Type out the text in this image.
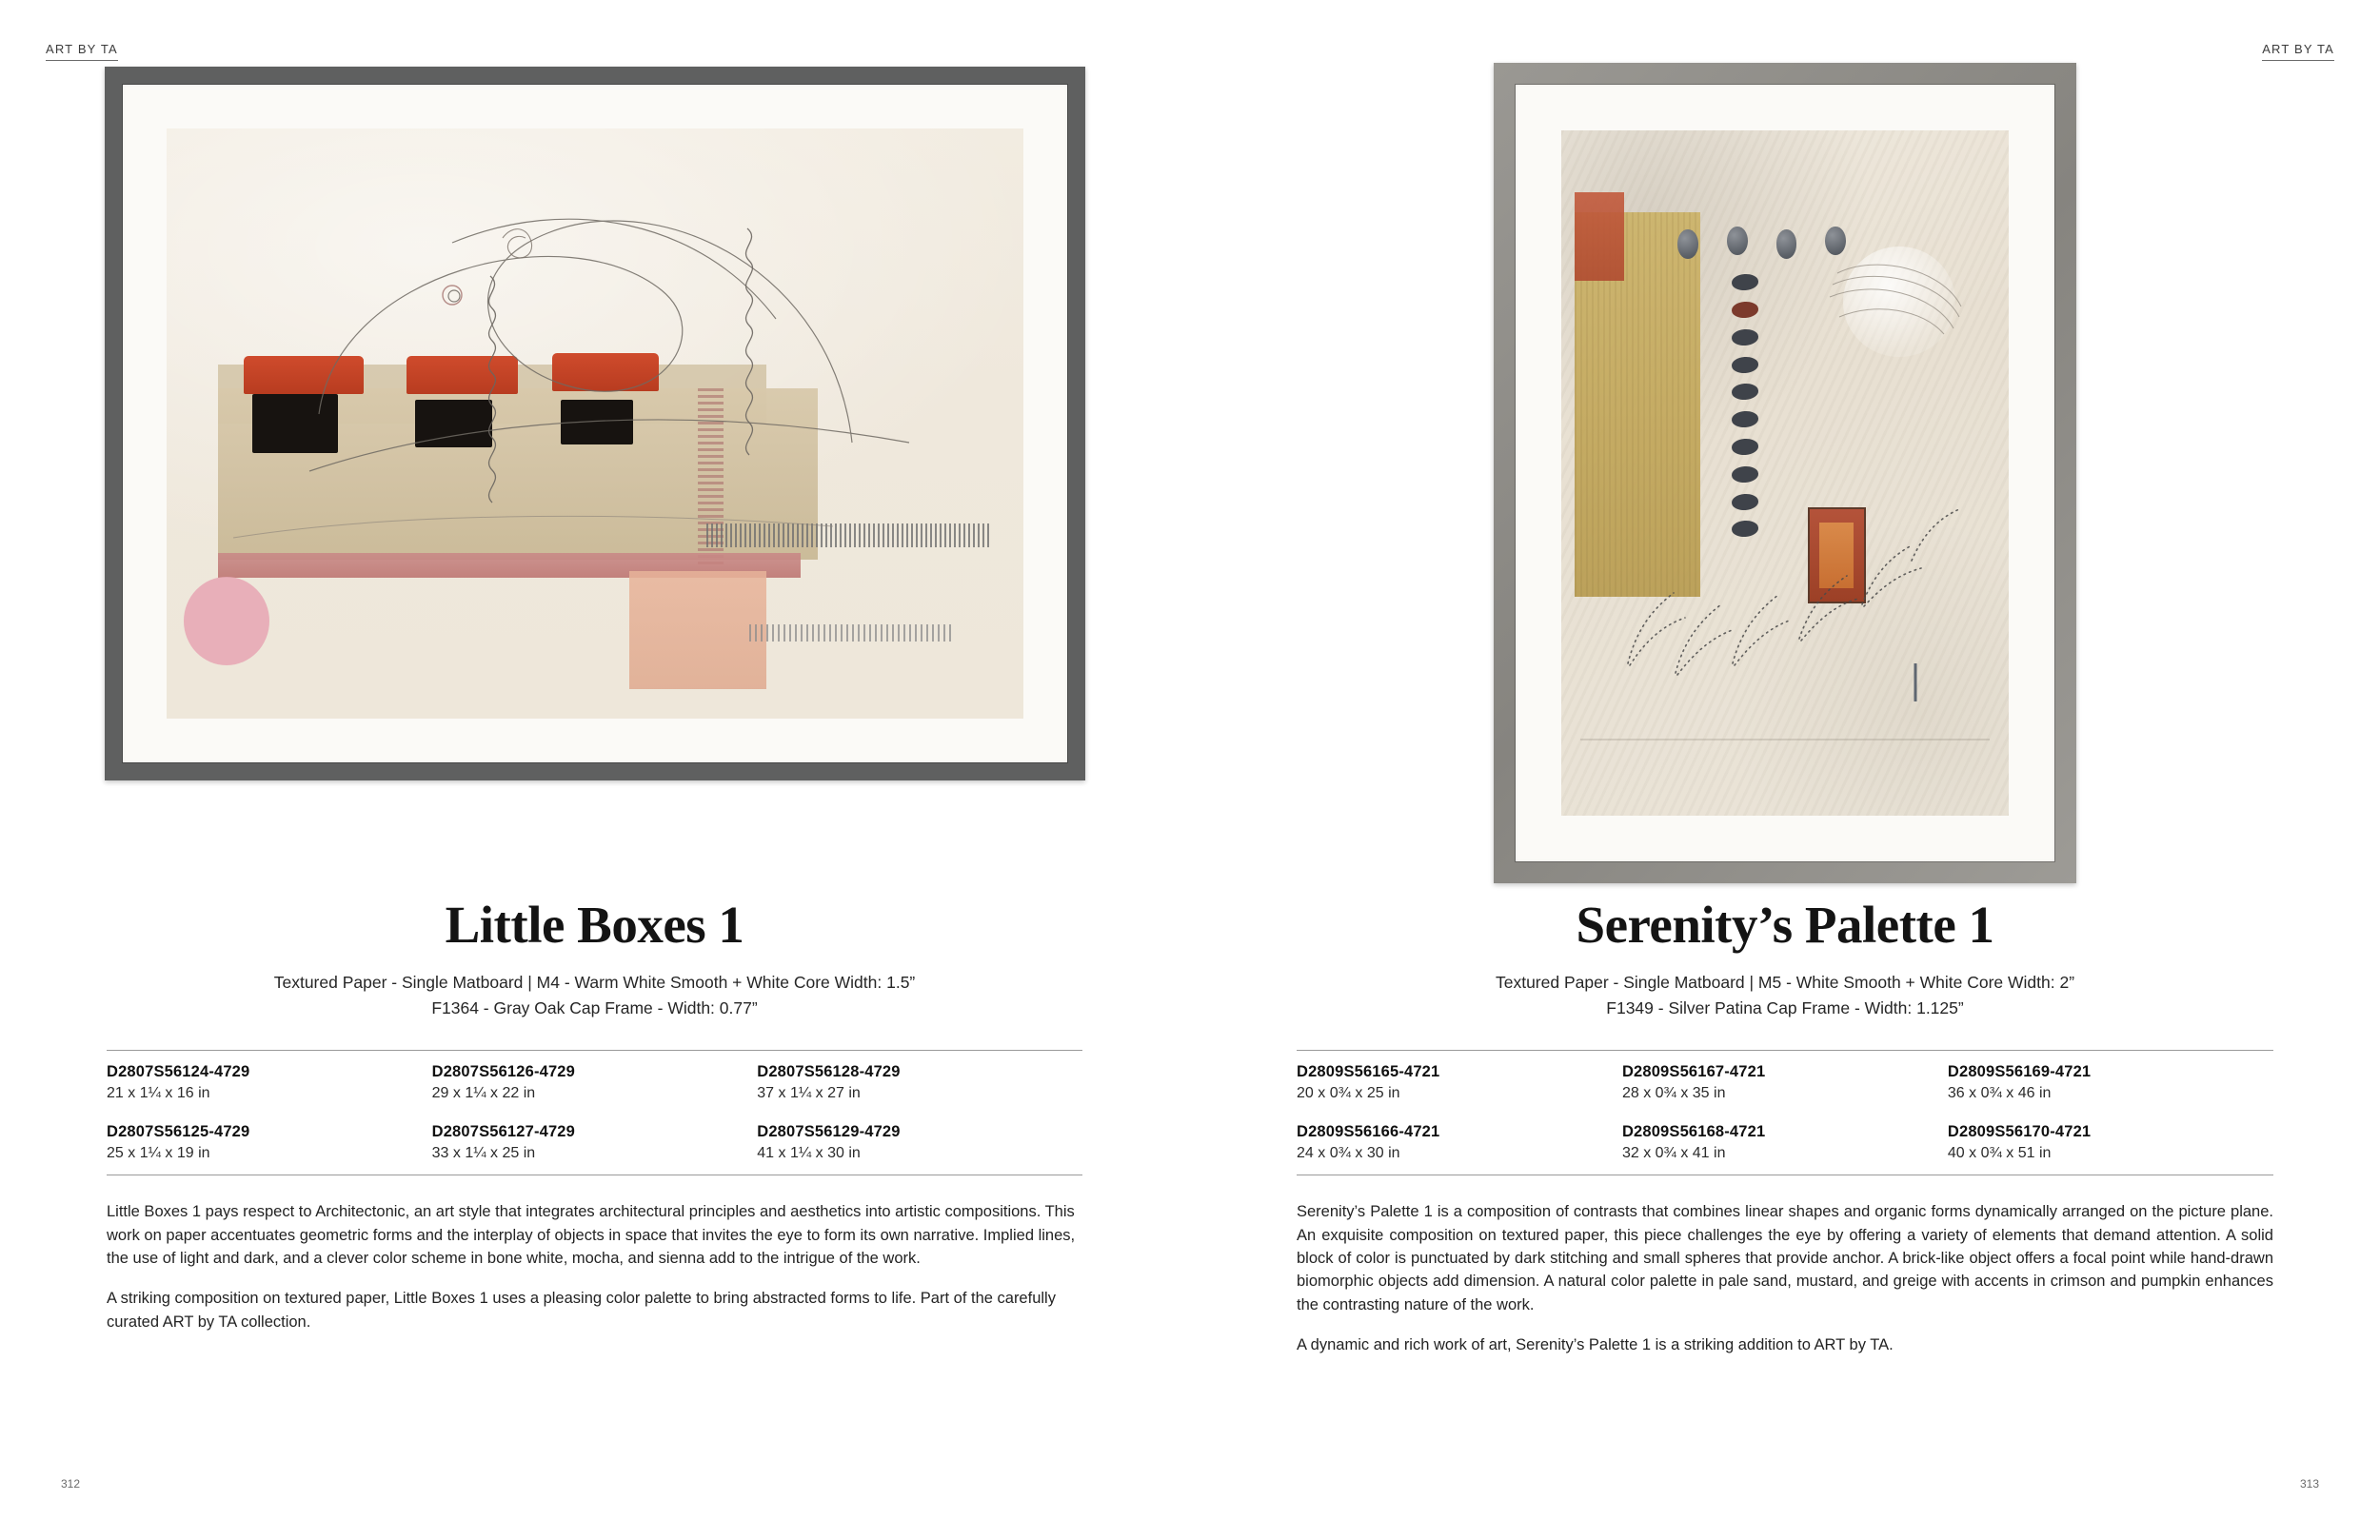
ART BY TA
Little Boxes 1
Textured Paper - Single Matboard | M4 - Warm White Smooth + White Core Width: 1.5”
F1364 - Gray Oak Cap Frame - Width: 0.77”
D2807S56124-4729
21 x 1¼ x 16 in
D2807S56126-4729
29 x 1¼ x 22 in
D2807S56128-4729
37 x 1¼ x 27 in
D2807S56125-4729
25 x 1¼ x 19 in
D2807S56127-4729
33 x 1¼ x 25 in
D2807S56129-4729
41 x 1¼ x 30 in

Little Boxes 1 pays respect to Architectonic, an art style that integrates architectural principles and aesthetics into artistic compositions. This work on paper accentuates geometric forms and the interplay of objects in space that invites the eye to form its own narrative. Implied lines, the use of light and dark, and a clever color scheme in bone white, mocha, and sienna add to the intrigue of the work.

A striking composition on textured paper, Little Boxes 1 uses a pleasing color palette to bring abstracted forms to life. Part of the carefully curated ART by TA collection.

312
ART BY TA
Serenity’s Palette 1
Textured Paper - Single Matboard | M5 - White Smooth + White Core Width: 2”
F1349 - Silver Patina Cap Frame - Width: 1.125”
D2809S56165-4721
20 x 0¾ x 25 in
D2809S56167-4721
28 x 0¾ x 35 in
D2809S56169-4721
36 x 0¾ x 46 in
D2809S56166-4721
24 x 0¾ x 30 in
D2809S56168-4721
32 x 0¾ x 41 in
D2809S56170-4721
40 x 0¾ x 51 in

Serenity’s Palette 1 is a composition of contrasts that combines linear shapes and organic forms dynamically arranged on the picture plane. An exquisite composition on textured paper, this piece challenges the eye by offering a variety of elements that demand attention. A solid block of color is punctuated by dark stitching and small spheres that provide anchor. A brick-like object offers a focal point while hand-drawn biomorphic objects add dimension. A natural color palette in pale sand, mustard, and greige with accents in crimson and pumpkin enhances the contrasting nature of the work.

A dynamic and rich work of art, Serenity’s Palette 1 is a striking addition to ART by TA.

313
